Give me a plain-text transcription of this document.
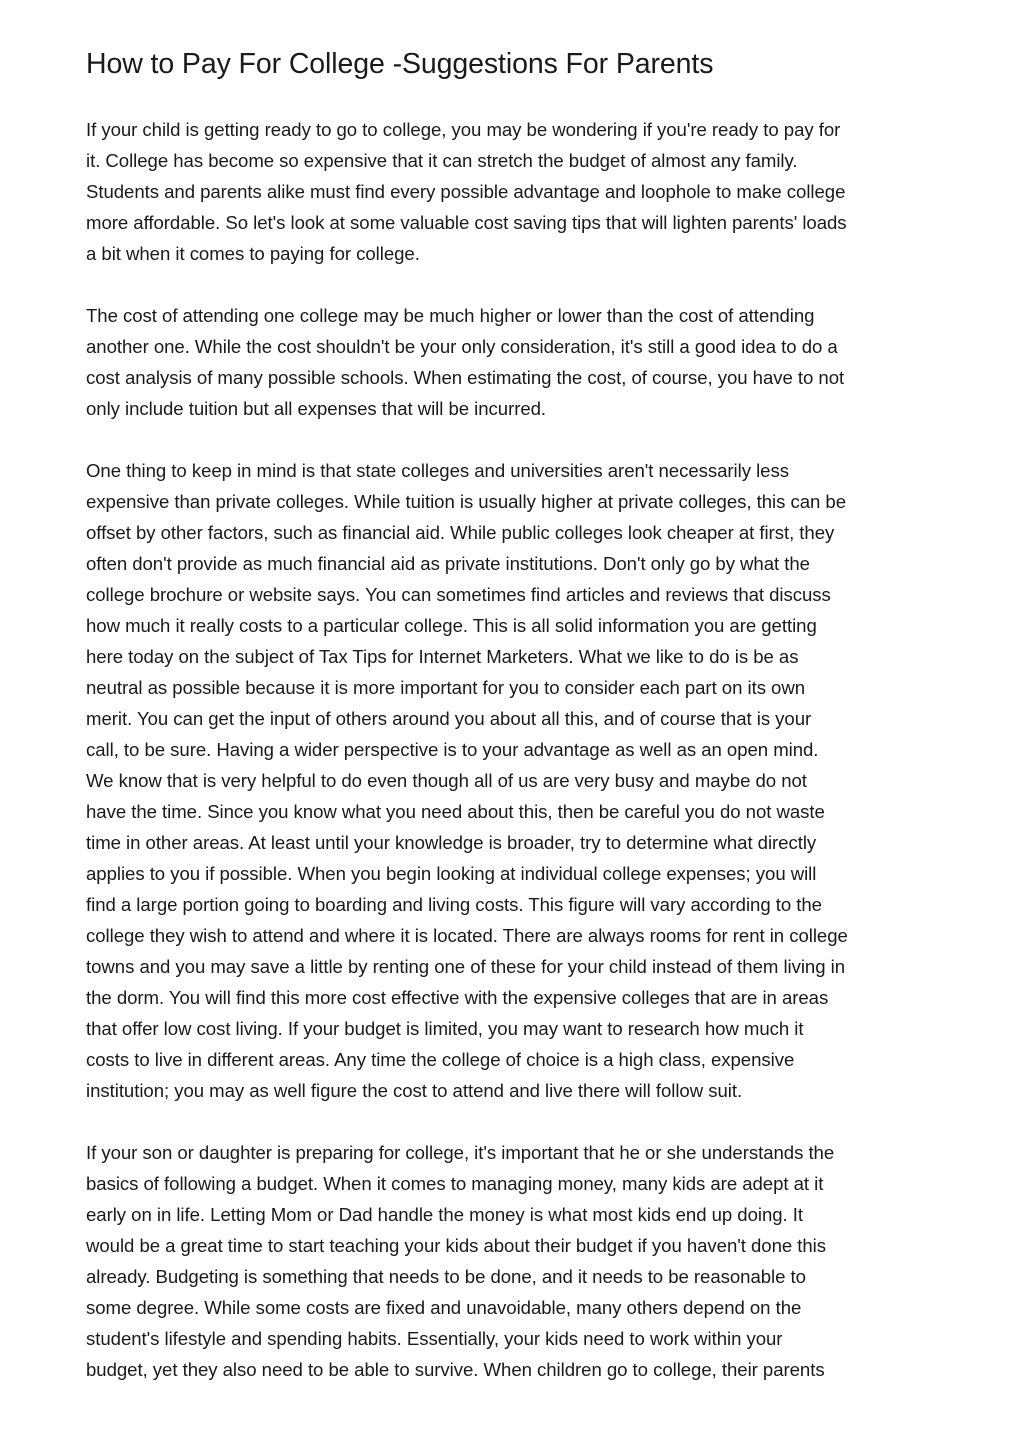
How to Pay For College -Suggestions For Parents
If your child is getting ready to go to college, you may be wondering if you're ready to pay for
it. College has become so expensive that it can stretch the budget of almost any family.
Students and parents alike must find every possible advantage and loophole to make college
more affordable. So let's look at some valuable cost saving tips that will lighten parents' loads
a bit when it comes to paying for college.
The cost of attending one college may be much higher or lower than the cost of attending
another one. While the cost shouldn't be your only consideration, it's still a good idea to do a
cost analysis of many possible schools. When estimating the cost, of course, you have to not
only include tuition but all expenses that will be incurred.
One thing to keep in mind is that state colleges and universities aren't necessarily less
expensive than private colleges. While tuition is usually higher at private colleges, this can be
offset by other factors, such as financial aid. While public colleges look cheaper at first, they
often don't provide as much financial aid as private institutions. Don't only go by what the
college brochure or website says. You can sometimes find articles and reviews that discuss
how much it really costs to a particular college. This is all solid information you are getting
here today on the subject of Tax Tips for Internet Marketers. What we like to do is be as
neutral as possible because it is more important for you to consider each part on its own
merit. You can get the input of others around you about all this, and of course that is your
call, to be sure. Having a wider perspective is to your advantage as well as an open mind.
We know that is very helpful to do even though all of us are very busy and maybe do not
have the time. Since you know what you need about this, then be careful you do not waste
time in other areas. At least until your knowledge is broader, try to determine what directly
applies to you if possible. When you begin looking at individual college expenses; you will
find a large portion going to boarding and living costs. This figure will vary according to the
college they wish to attend and where it is located. There are always rooms for rent in college
towns and you may save a little by renting one of these for your child instead of them living in
the dorm. You will find this more cost effective with the expensive colleges that are in areas
that offer low cost living. If your budget is limited, you may want to research how much it
costs to live in different areas. Any time the college of choice is a high class, expensive
institution; you may as well figure the cost to attend and live there will follow suit.
If your son or daughter is preparing for college, it's important that he or she understands the
basics of following a budget. When it comes to managing money, many kids are adept at it
early on in life. Letting Mom or Dad handle the money is what most kids end up doing. It
would be a great time to start teaching your kids about their budget if you haven't done this
already. Budgeting is something that needs to be done, and it needs to be reasonable to
some degree. While some costs are fixed and unavoidable, many others depend on the
student's lifestyle and spending habits. Essentially, your kids need to work within your
budget, yet they also need to be able to survive. When children go to college, their parents
